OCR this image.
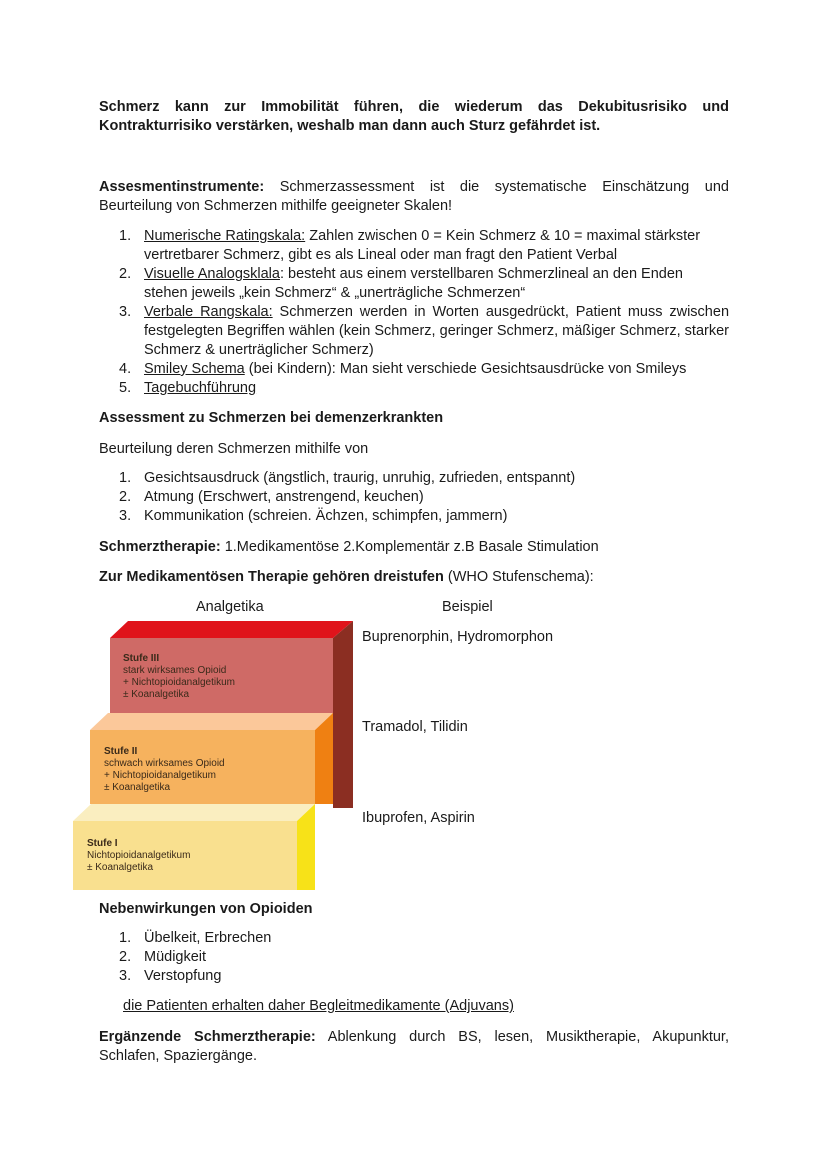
Schmerz kann zur Immobilität führen, die wiederum das Dekubitusrisiko und Kontrakturrisiko verstärken, weshalb man dann auch Sturz gefährdet ist.

Assesmentinstrumente: Schmerzassessment ist die systematische Einschätzung und Beurteilung von Schmerzen mithilfe geeigneter Skalen!

1. Numerische Ratingskala: Zahlen zwischen 0 = Kein Schmerz & 10 = maximal stärkster vertretbarer Schmerz, gibt es als Lineal oder man fragt den Patient Verbal
2. Visuelle Analogsklala: besteht aus einem verstellbaren Schmerzlineal an den Enden stehen jeweils „kein Schmerz“ & „unerträgliche Schmerzen“
3. Verbale Rangskala: Schmerzen werden in Worten ausgedrückt, Patient muss zwischen festgelegten Begriffen wählen (kein Schmerz, geringer Schmerz, mäßiger Schmerz, starker Schmerz & unerträglicher Schmerz)
4. Smiley Schema (bei Kindern): Man sieht verschiede Gesichtsausdrücke von Smileys
5. Tagebuchführung

Assessment zu Schmerzen bei demenzerkrankten

Beurteilung deren Schmerzen mithilfe von

1. Gesichtsausdruck (ängstlich, traurig, unruhig, zufrieden, entspannt)
2. Atmung (Erschwert, anstrengend, keuchen)
3. Kommunikation (schreien. Ächzen, schimpfen, jammern)

Schmerztherapie: 1.Medikamentöse 2.Komplementär z.B Basale Stimulation

Zur Medikamentösen Therapie gehören dreistufen (WHO Stufenschema):

Analgetika	Beispiel
Stufe III
stark wirksames Opioid
+ Nichtopioidanalgetikum
± Koanalgetika
Stufe II
schwach wirksames Opioid
+ Nichtopioidanalgetikum
± Koanalgetika
Stufe I
Nichtopioidanalgetikum
± Koanalgetika
Buprenorphin, Hydromorphon
Tramadol, Tilidin
Ibuprofen, Aspirin

Nebenwirkungen von Opioiden

1. Übelkeit, Erbrechen
2. Müdigkeit
3. Verstopfung

die Patienten erhalten daher Begleitmedikamente (Adjuvans)

Ergänzende Schmerztherapie: Ablenkung durch BS, lesen, Musiktherapie, Akupunktur, Schlafen, Spaziergänge.
